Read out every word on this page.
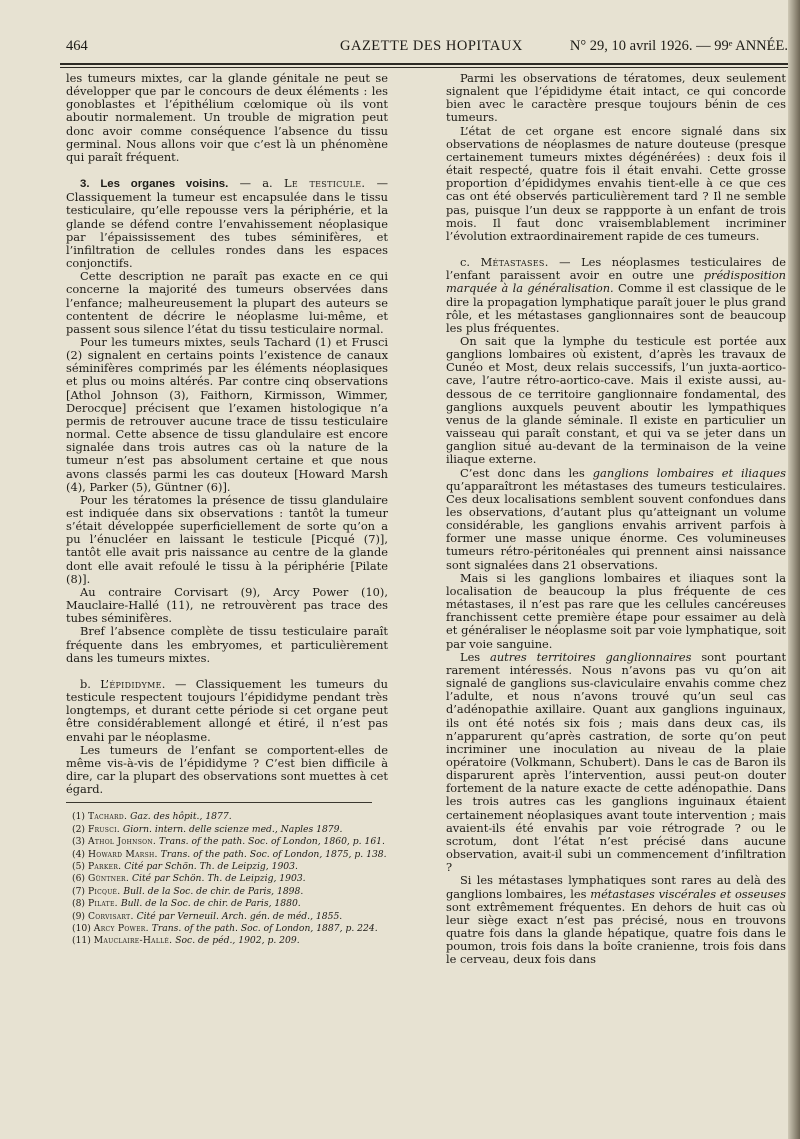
464	GAZETTE DES HOPITAUX	N° 29, 10 avril 1926. — 99ᵉ ANNÉE.

les tumeurs mixtes, car la glande génitale ne peut se développer que par le concours de deux éléments : les gonoblastes et l’épithélium cœlomique où ils vont aboutir normalement. Un trouble de migration peut donc avoir comme conséquence l’absence du tissu germinal. Nous allons voir que c’est là un phénomène qui paraît fréquent.

3. Les organes voisins. — a. Le testicule. — Classiquement la tumeur est encapsulée dans le tissu testiculaire, qu’elle repousse vers la périphérie, et la glande se défend contre l’envahissement néoplasique par l’épaississement des tubes séminifères, et l’infiltration de cellules rondes dans les espaces conjonctifs.

Cette description ne paraît pas exacte en ce qui concerne la majorité des tumeurs observées dans l’enfance; malheureusement la plupart des auteurs se contentent de décrire le néoplasme lui-même, et passent sous silence l’état du tissu testiculaire normal.

Pour les tumeurs mixtes, seuls Tachard (1) et Frusci (2) signalent en certains points l’existence de canaux séminifères comprimés par les éléments néoplasiques et plus ou moins altérés. Par contre cinq observations [Athol Johnson (3), Faithorn, Kirmisson, Wimmer, Derocque] précisent que l’examen histologique n’a permis de retrouver aucune trace de tissu testiculaire normal. Cette absence de tissu glandulaire est encore signalée dans trois autres cas où la nature de la tumeur n’est pas absolument certaine et que nous avons classés parmi les cas douteux [Howard Marsh (4), Parker (5), Güntner (6)].

Pour les tératomes la présence de tissu glandulaire est indiquée dans six observations : tantôt la tumeur s’était développée superficiellement de sorte qu’on a pu l’énucléer en laissant le testicule [Picqué (7)], tantôt elle avait pris naissance au centre de la glande dont elle avait refoulé le tissu à la périphérie [Pilate (8)].

Au contraire Corvisart (9), Arcy Power (10), Mauclaire-Hallé (11), ne retrouvèrent pas trace des tubes séminifères.

Bref l’absence complète de tissu testiculaire paraît fréquente dans les embryomes, et particulièrement dans les tumeurs mixtes.

b. L’épididyme. — Classiquement les tumeurs du testicule respectent toujours l’épididyme pendant très longtemps, et durant cette période si cet organe peut être considérablement allongé et étiré, il n’est pas envahi par le néoplasme.

Les tumeurs de l’enfant se comportent-elles de même vis-à-vis de l’épididyme ? C’est bien difficile à dire, car la plupart des observations sont muettes à cet égard.

(1) Tachard. Gaz. des hôpit., 1877.

(2) Frusci. Giorn. intern. delle scienze med., Naples 1879.

(3) Athol Johnson. Trans. of the path. Soc. of London, 1860, p. 161.

(4) Howard Marsh. Trans. of the path. Soc. of London, 1875, p. 138.

(5) Parker. Cité par Schön. Th. de Leipzig, 1903.

(6) Güntner. Cité par Schön. Th. de Leipzig, 1903.

(7) Picqué. Bull. de la Soc. de chir. de Paris, 1898.

(8) Pilate. Bull. de la Soc. de chir. de Paris, 1880.

(9) Corvisart. Cité par Verneuil. Arch. gén. de méd., 1855.

(10) Arcy Power. Trans. of the path. Soc. of London, 1887, p. 224.

(11) Mauclaire-Hallé. Soc. de péd., 1902, p. 209.

Parmi les observations de tératomes, deux seulement signalent que l’épididyme était intact, ce qui concorde bien avec le caractère presque toujours bénin de ces tumeurs.

L’état de cet organe est encore signalé dans six observations de néoplasmes de nature douteuse (presque certainement tumeurs mixtes dégénérées) : deux fois il était respecté, quatre fois il était envahi. Cette grosse proportion d’épididymes envahis tient-elle à ce que ces cas ont été observés particulièrement tard ? Il ne semble pas, puisque l’un deux se rappporte à un enfant de trois mois. Il faut donc vraisemblablement incriminer l’évolution extraordinairement rapide de ces tumeurs.

c. Métastases. — Les néoplasmes testiculaires de l’enfant paraissent avoir en outre une prédisposition marquée à la généralisation. Comme il est classique de le dire la propagation lymphatique paraît jouer le plus grand rôle, et les métastases ganglionnaires sont de beaucoup les plus fréquentes.

On sait que la lymphe du testicule est portée aux ganglions lombaires où existent, d’après les travaux de Cunéo et Most, deux relais successifs, l’un juxta-aortico-cave, l’autre rétro-aortico-cave. Mais il existe aussi, au-dessous de ce territoire ganglionnaire fondamental, des ganglions auxquels peuvent aboutir les lympathiques venus de la glande séminale. Il existe en particulier un vaisseau qui paraît constant, et qui va se jeter dans un ganglion situé au-devant de la terminaison de la veine iliaque externe.

C’est donc dans les ganglions lombaires et iliaques qu’apparaîtront les métastases des tumeurs testiculaires. Ces deux localisations semblent souvent confondues dans les observations, d’autant plus qu’atteignant un volume considérable, les ganglions envahis arrivent parfois à former une masse unique énorme. Ces volumineuses tumeurs rétro-péritonéales qui prennent ainsi naissance sont signalées dans 21 observations.

Mais si les ganglions lombaires et iliaques sont la localisation de beaucoup la plus fréquente de ces métastases, il n’est pas rare que les cellules cancéreuses franchissent cette première étape pour essaimer au delà et généraliser le néoplasme soit par voie lymphatique, soit par voie sanguine.

Les autres territoires ganglionnaires sont pourtant rarement intéressés. Nous n’avons pas vu qu’on ait signalé de ganglions sus-claviculaire envahis comme chez l’adulte, et nous n’avons trouvé qu’un seul cas d’adénopathie axillaire. Quant aux ganglions inguinaux, ils ont été notés six fois ; mais dans deux cas, ils n’apparurent qu’après castration, de sorte qu’on peut incriminer une inoculation au niveau de la plaie opératoire (Volkmann, Schubert). Dans le cas de Baron ils disparurent après l’intervention, aussi peut-on douter fortement de la nature exacte de cette adénopathie. Dans les trois autres cas les ganglions inguinaux étaient certainement néoplasiques avant toute intervention ; mais avaient-ils été envahis par voie rétrograde ? ou le scrotum, dont l’état n’est précisé dans aucune observation, avait-il subi un commencement d’infiltration ?

Si les métastases lymphatiques sont rares au delà des ganglions lombaires, les métastases viscérales et osseuses sont extrêmement fréquentes. En dehors de huit cas où leur siège exact n’est pas précisé, nous en trouvons quatre fois dans la glande hépatique, quatre fois dans le poumon, trois fois dans la boîte cranienne, trois fois dans le cerveau, deux fois dans
